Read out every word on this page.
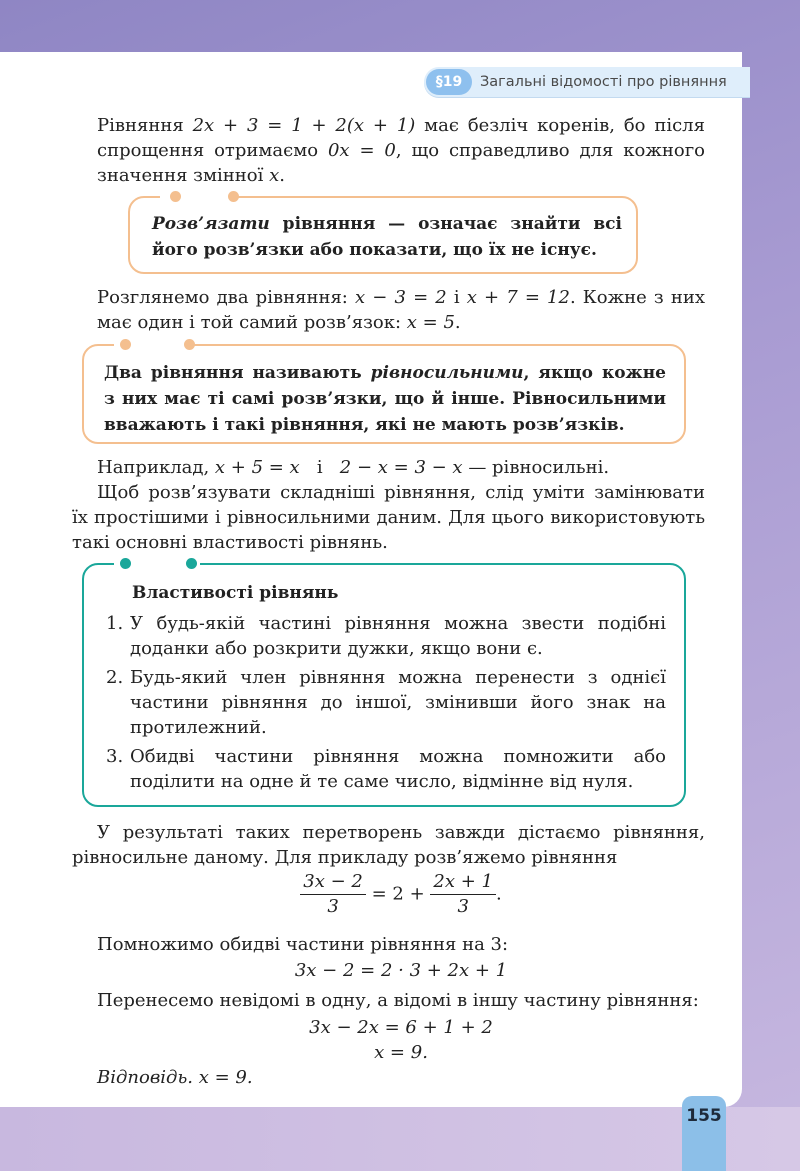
§19	Загальні відомості про рівняння

Рівняння 2x + 3 = 1 + 2(x + 1) має безліч коренів, бо після спрощення отримаємо 0x = 0, що справедливо для кожного значення змінної x.

Розв’язати рівняння — означає знайти всі його розв’язки або показати, що їх не існує.

Розглянемо два рівняння: x − 3 = 2 і x + 7 = 12. Кожне з них має один і той самий розв’язок: x = 5.

Два рівняння називають рівносильними, якщо кожне з них має ті самі розв’язки, що й інше. Рівносильними вважають і такі рівняння, які не мають розв’язків.

Наприклад, x + 5 = x   і   2 − x = 3 − x — рівносильні.

Щоб розв’язувати складніші рівняння, слід уміти замінювати їх простішими і рівносильними даним. Для цього використовують такі основні властивості рівнянь.

Властивості рівнянь
1. У будь-якій частині рівняння можна звести подібні доданки або розкрити дужки, якщо вони є.
2. Будь-який член рівняння можна перенести з однієї частини рівняння до іншої, змінивши його знак на протилежний.
3. Обидві частини рівняння можна помножити або поділити на одне й те саме число, відмінне від нуля.

У результаті таких перетворень завжди дістаємо рівняння, рівносильне даному. Для прикладу розв’яжемо рівняння

$\frac{3x - 2}{3} = 2 + \frac{2x + 1}{3}$ .

Помножимо обидві частини рівняння на 3:

3x − 2 = 2 · 3 + 2x + 1

Перенесемо невідомі в одну, а відомі в іншу частину рівняння:

3x − 2x = 6 + 1 + 2
x = 9.
Відповідь. x = 9.
155
